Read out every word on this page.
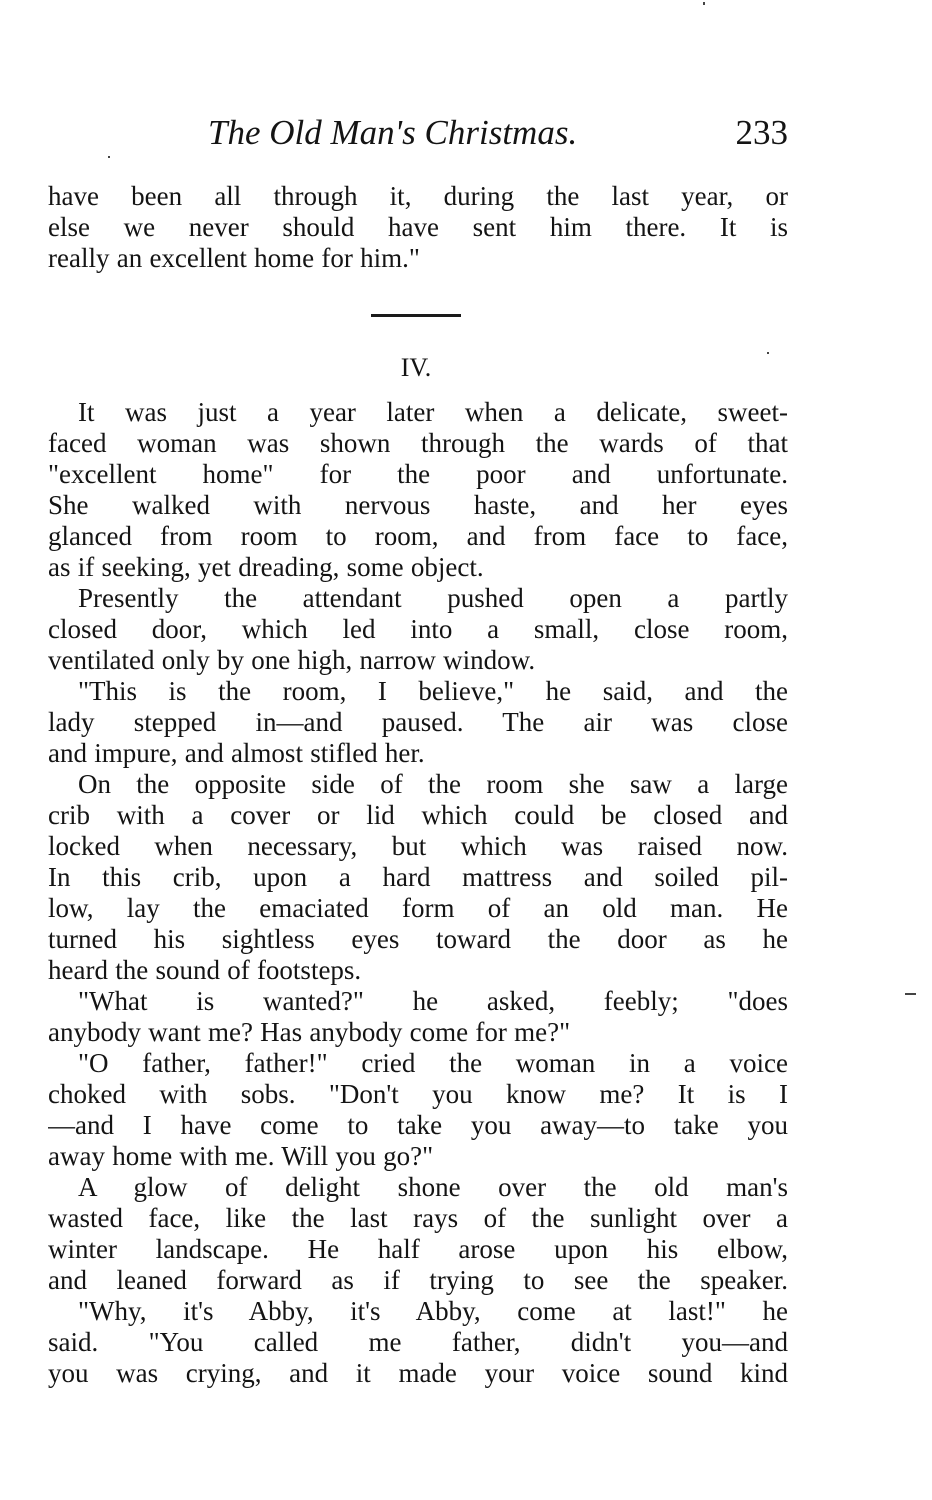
The Old Man's Christmas.	233
have been all through it, during the last year, or
else we never should have sent him there. It is
really an excellent home for him."
IV.
It was just a year later when a delicate, sweet-
faced woman was shown through the wards of that
"excellent home" for the poor and unfortunate.
She walked with nervous haste, and her eyes
glanced from room to room, and from face to face,
as if seeking, yet dreading, some object.
Presently the attendant pushed open a partly
closed door, which led into a small, close room,
ventilated only by one high, narrow window.
"This is the room, I believe," he said, and the
lady stepped in—and paused. The air was close
and impure, and almost stifled her.
On the opposite side of the room she saw a large
crib with a cover or lid which could be closed and
locked when necessary, but which was raised now.
In this crib, upon a hard mattress and soiled pil-
low, lay the emaciated form of an old man. He
turned his sightless eyes toward the door as he
heard the sound of footsteps.
"What is wanted?" he asked, feebly; "does
anybody want me? Has anybody come for me?"
"O father, father!" cried the woman in a voice
choked with sobs. "Don't you know me? It is I
—and I have come to take you away—to take you
away home with me. Will you go?"
A glow of delight shone over the old man's
wasted face, like the last rays of the sunlight over a
winter landscape. He half arose upon his elbow,
and leaned forward as if trying to see the speaker.
"Why, it's Abby, it's Abby, come at last!" he
said. "You called me father, didn't you—and
you was crying, and it made your voice sound kind
